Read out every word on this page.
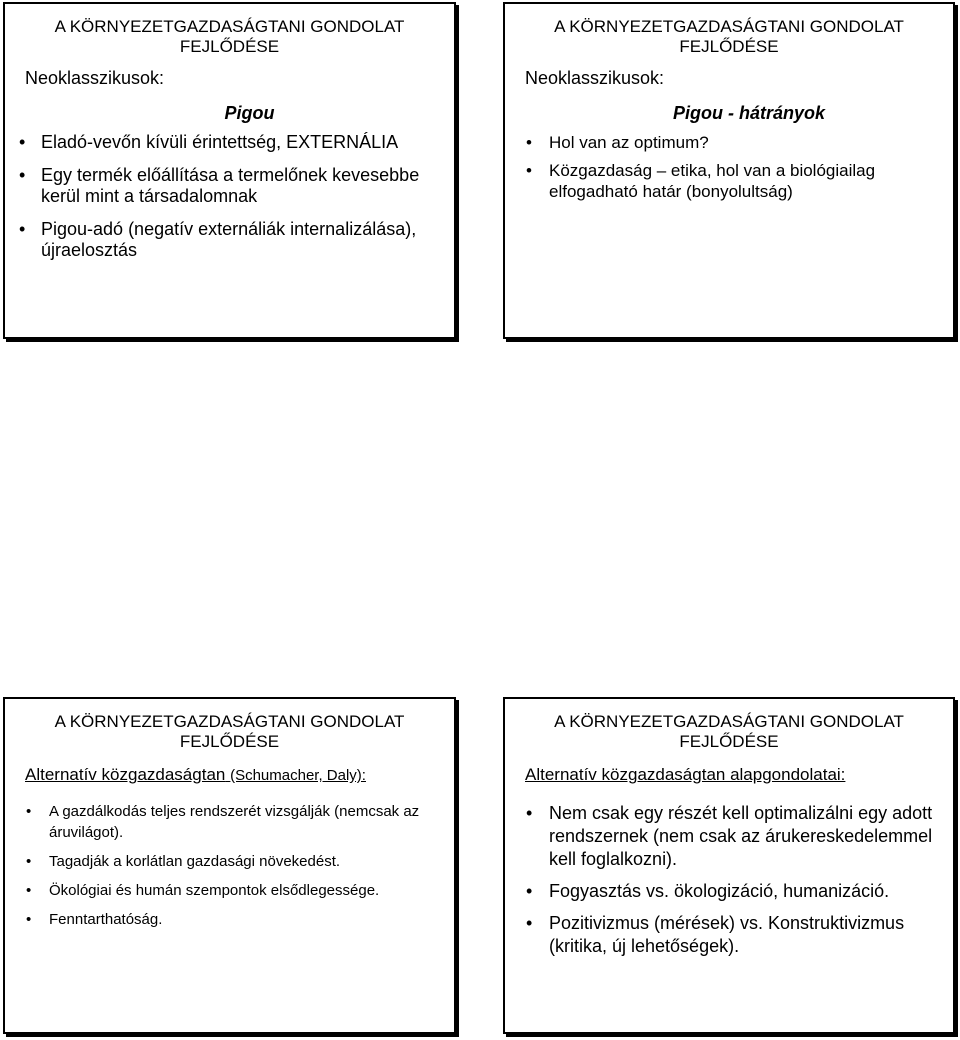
A KÖRNYEZETGAZDASÁGTANI GONDOLAT
FEJLŐDÉSE
Neoklasszikusok:
Pigou
• Eladó-vevőn kívüli érintettség, EXTERNÁLIA
• Egy termék előállítása a termelőnek kevesebbe kerül mint a társadalomnak
• Pigou-adó (negatív externáliák internalizálása), újraelosztás
A KÖRNYEZETGAZDASÁGTANI GONDOLAT
FEJLŐDÉSE
Neoklasszikusok:
Pigou - hátrányok
• Hol van az optimum?
• Közgazdaság – etika, hol van a biológiailag elfogadható határ (bonyolultság)
A KÖRNYEZETGAZDASÁGTANI GONDOLAT
FEJLŐDÉSE
Alternatív közgazdaságtan (Schumacher, Daly):
• A gazdálkodás teljes rendszerét vizsgálják (nemcsak az áruvilágot).
• Tagadják a korlátlan gazdasági növekedést.
• Ökológiai és humán szempontok elsődlegessége.
• Fenntarthatóság.
A KÖRNYEZETGAZDASÁGTANI GONDOLAT
FEJLŐDÉSE
Alternatív közgazdaságtan alapgondolatai:
• Nem csak egy részét kell optimalizálni egy adott rendszernek (nem csak az árukereskedelemmel kell foglalkozni).
• Fogyasztás vs. ökologizáció, humanizáció.
• Pozitivizmus (mérések) vs. Konstruktivizmus (kritika, új lehetőségek).
